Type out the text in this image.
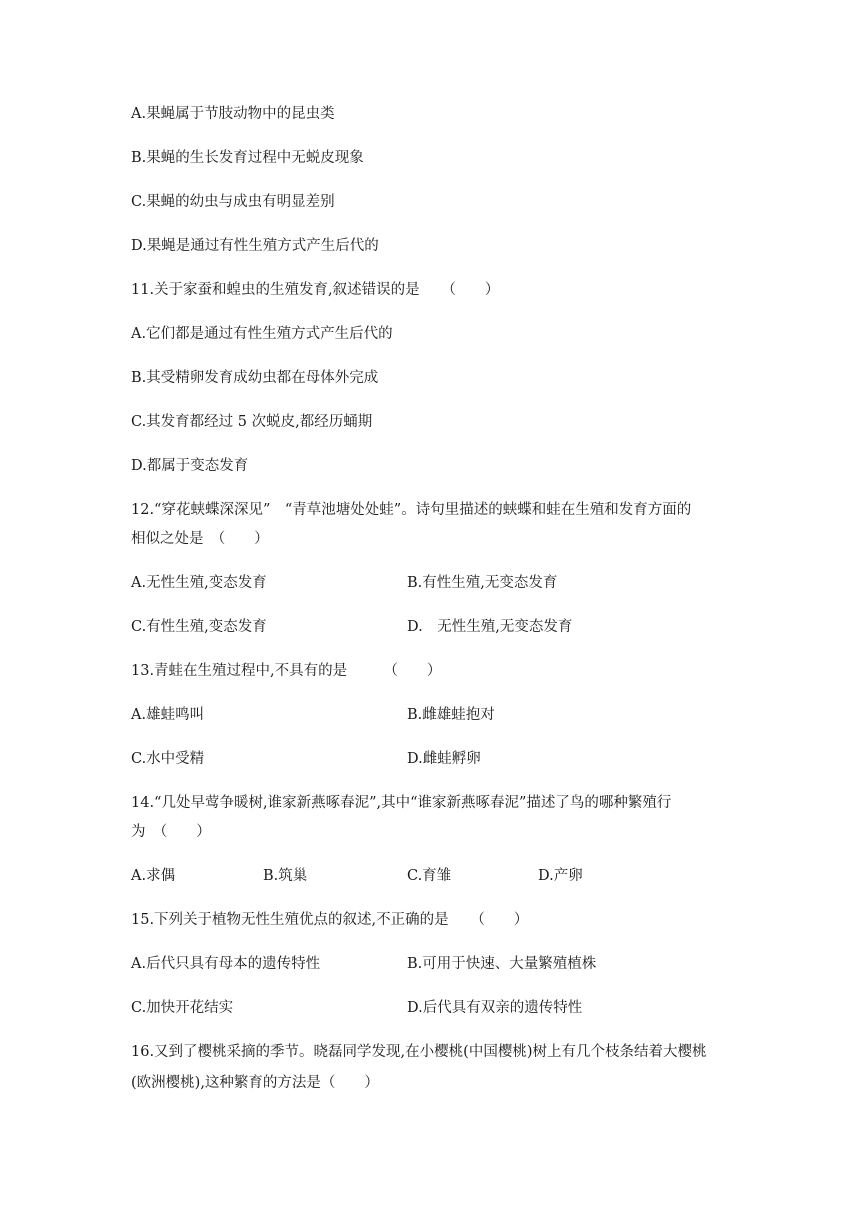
A.果蝇属于节肢动物中的昆虫类
B.果蝇的生长发育过程中无蜕皮现象
C.果蝇的幼虫与成虫有明显差别
D.果蝇是通过有性生殖方式产生后代的
11.关于家蚕和蝗虫的生殖发育,叙述错误的是　　（　　）
A.它们都是通过有性生殖方式产生后代的
B.其受精卵发育成幼虫都在母体外完成
C.其发育都经过 5 次蜕皮,都经历蛹期
D.都属于变态发育
12.“穿花蛱蝶深深见”　“青草池塘处处蛙”。诗句里描述的蛱蝶和蛙在生殖和发育方面的
相似之处是　（　　）
A.无性生殖,变态发育	B.有性生殖,无变态发育
C.有性生殖,变态发育	D.　无性生殖,无变态发育
13.青蛙在生殖过程中,不具有的是　　　（　　）
A.雄蛙鸣叫	B.雌雄蛙抱对
C.水中受精	D.雌蛙孵卵
14.“几处早莺争暖树,谁家新燕啄春泥”,其中“谁家新燕啄春泥”描述了鸟的哪种繁殖行
为　（　　）
A.求偶	B.筑巢	C.育雏	D.产卵
15.下列关于植物无性生殖优点的叙述,不正确的是　　（　　）
A.后代只具有母本的遗传特性	B.可用于快速、大量繁殖植株
C.加快开花结实	D.后代具有双亲的遗传特性
16.又到了樱桃采摘的季节。晓磊同学发现,在小樱桃(中国樱桃)树上有几个枝条结着大樱桃
(欧洲樱桃),这种繁育的方法是（　　）
